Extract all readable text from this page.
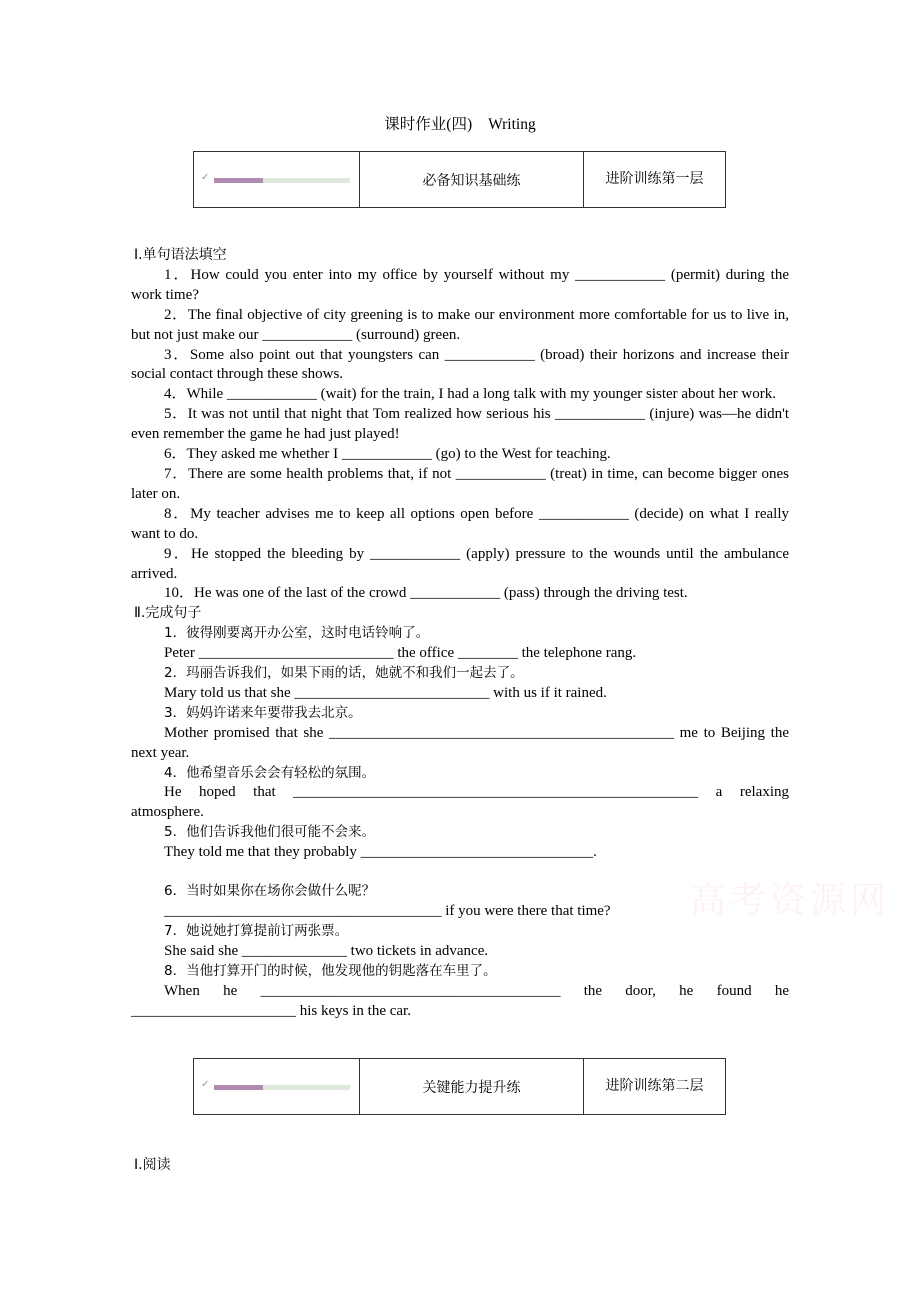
课时作业(四) Writing
✓	必备知识基础练	进阶训练第一层
Ⅰ.单句语法填空

1．How could you enter into my office by yourself without my ____________ (permit) during the work time?

2．The final objective of city greening is to make our environment more comfortable for us to live in, but not just make our ____________ (surround) green.

3．Some also point out that youngsters can ____________ (broad) their horizons and increase their social contact through these shows.

4．While ____________ (wait) for the train, I had a long talk with my younger sister about her work.

5．It was not until that night that Tom realized how serious his ____________ (injure) was—he didn't even remember the game he had just played!

6．They asked me whether I ____________ (go) to the West for teaching.

7．There are some health problems that, if not ____________ (treat) in time, can become bigger ones later on.

8．My teacher advises me to keep all options open before ____________ (decide) on what I really want to do.

9．He stopped the bleeding by ____________ (apply) pressure to the wounds until the ambulance arrived.

10．He was one of the last of the crowd ____________ (pass) through the driving test.

Ⅱ.完成句子

1．彼得刚要离开办公室，这时电话铃响了。

Peter __________________________ the office ________ the telephone rang.

2．玛丽告诉我们，如果下雨的话，她就不和我们一起去了。

Mary told us that she __________________________ with us if it rained.

3．妈妈许诺来年要带我去北京。

Mother promised that she ______________________________________________ me to Beijing the next year.

4．他希望音乐会会有轻松的氛围。

He hoped that ______________________________________________________ a relaxing atmosphere.

5．他们告诉我他们很可能不会来。

They told me that they probably _______________________________.

6．当时如果你在场你会做什么呢？

_____________________________________ if you were there that time?

7．她说她打算提前订两张票。

She said she ______________ two tickets in advance.

8．当他打算开门的时候，他发现他的钥匙落在车里了。

When he ________________________________________ the door, he found he ______________________ his keys in the car.

高考资源网
✓	关键能力提升练	进阶训练第二层
Ⅰ.阅读
